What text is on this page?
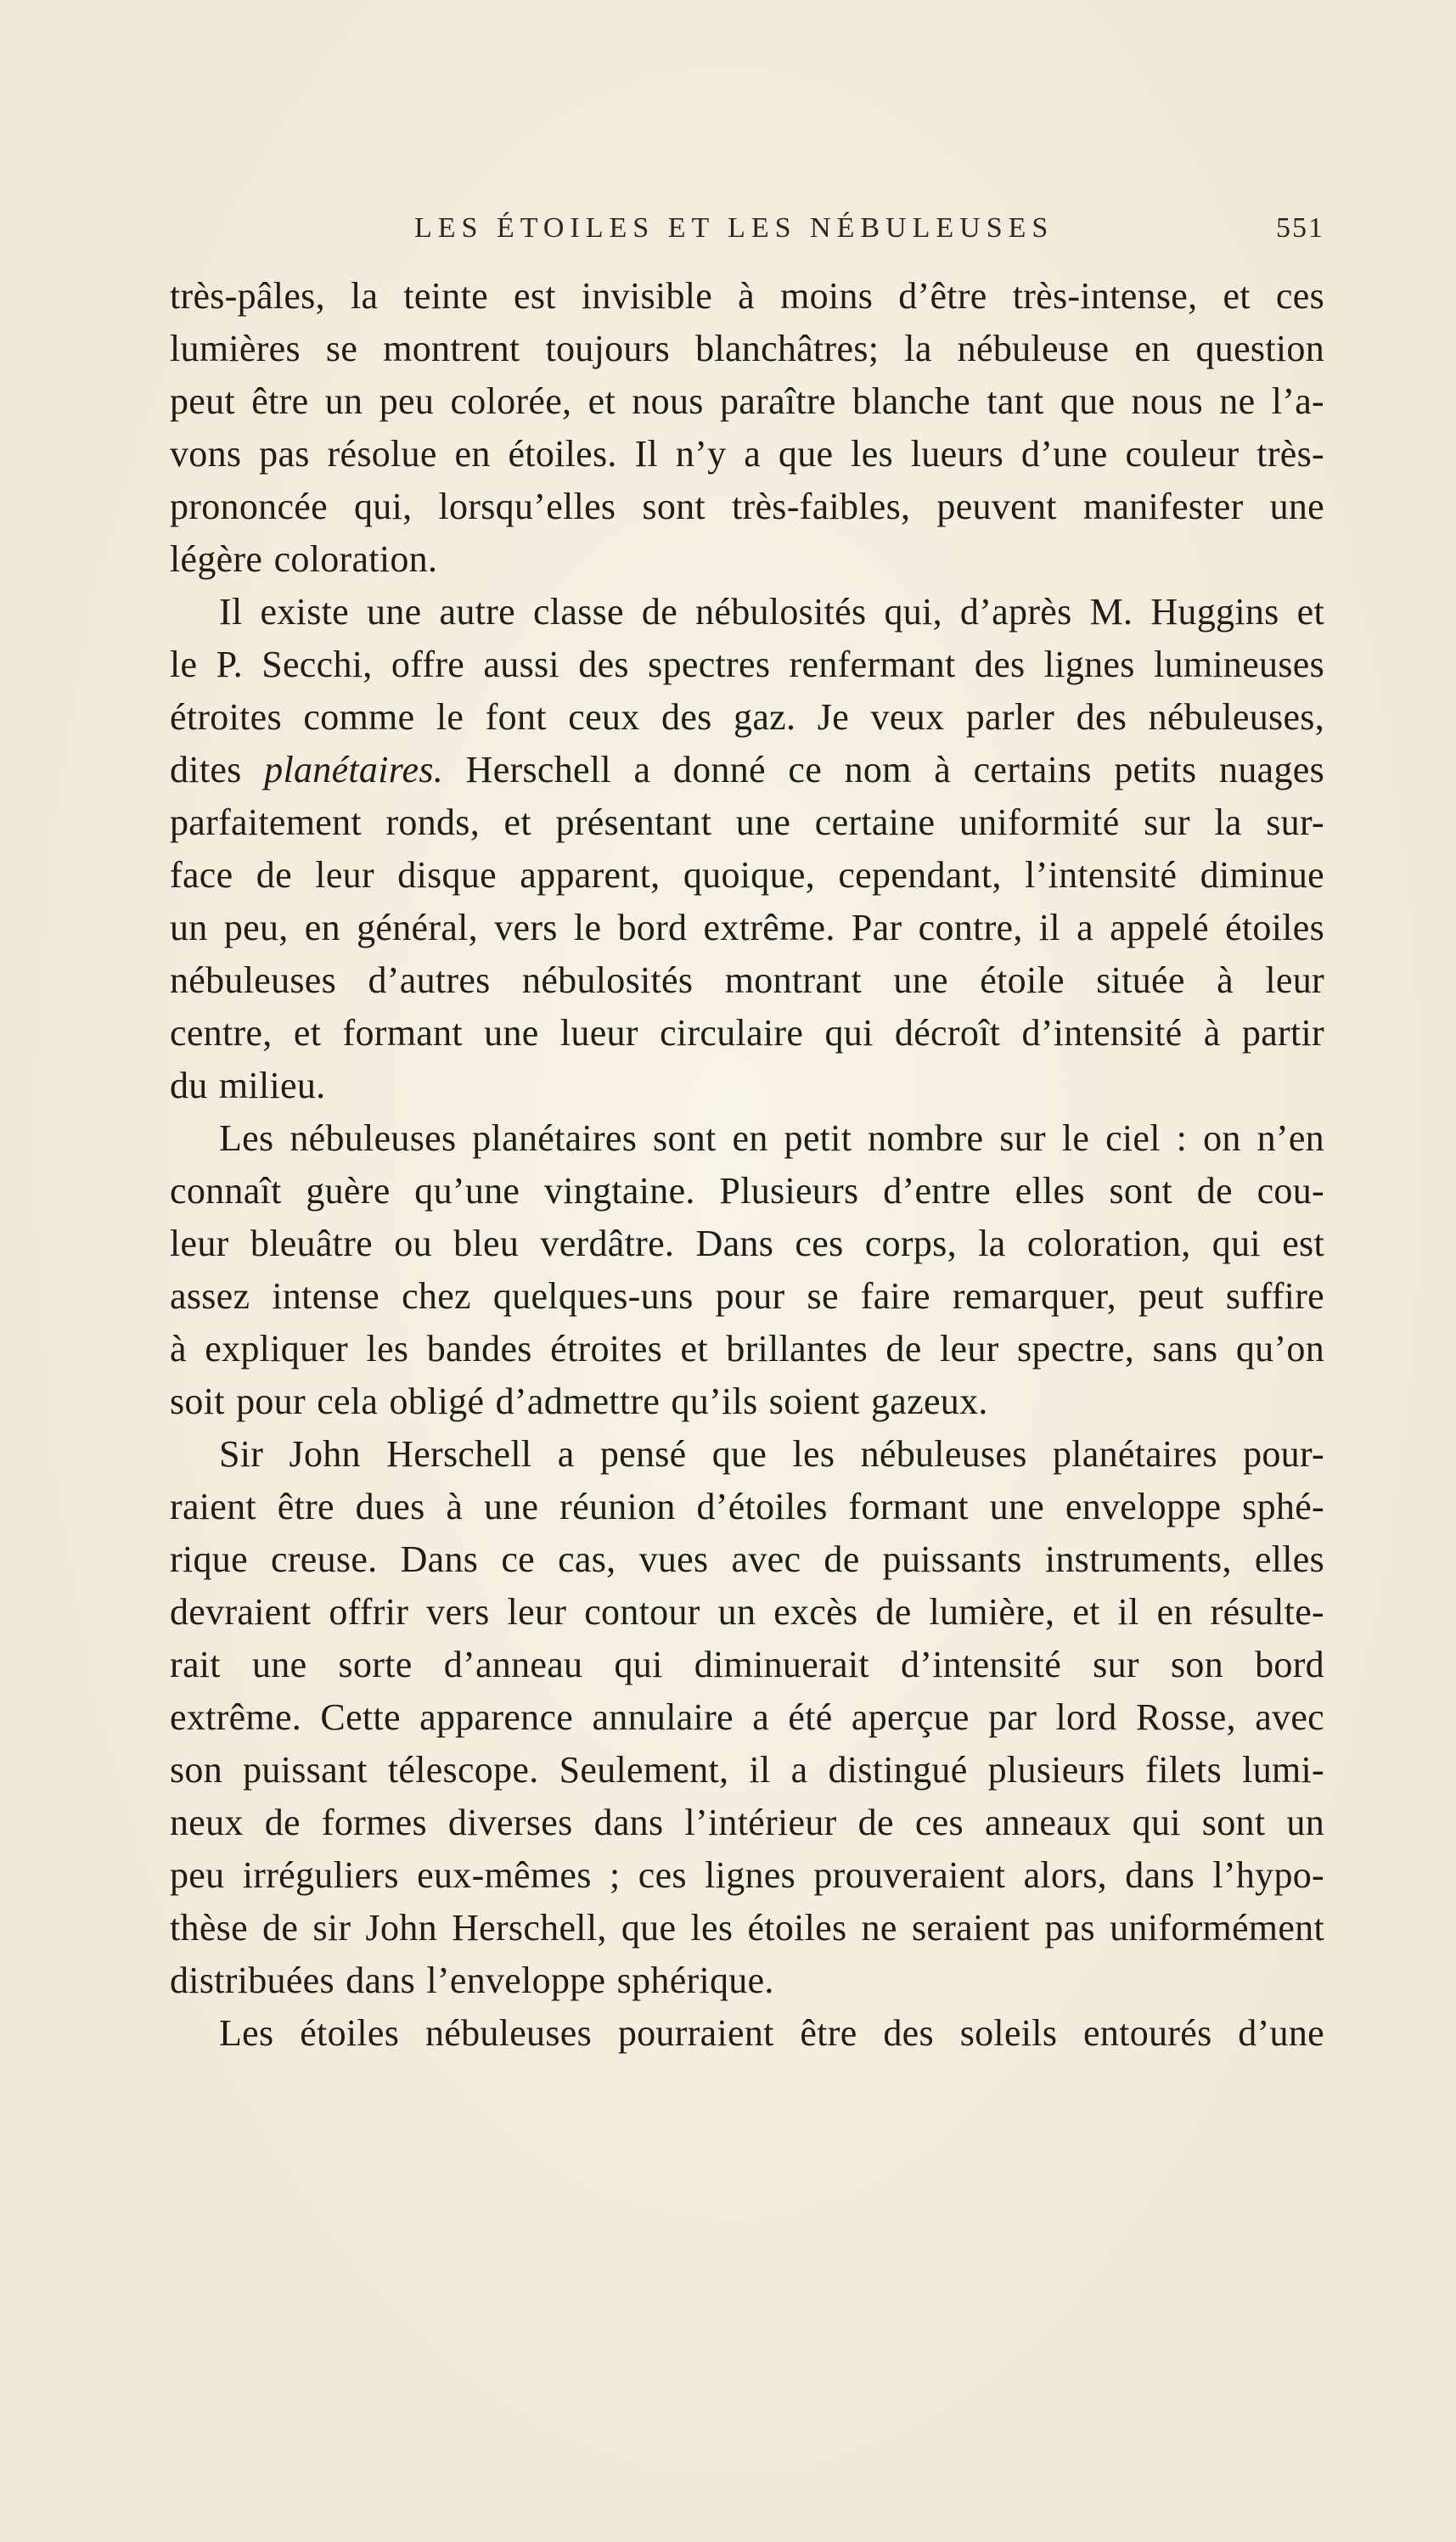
LES ÉTOILES ET LES NÉBULEUSES	551
très-pâles, la teinte est invisible à moins d’être très-intense, et ces
lumières se montrent toujours blanchâtres; la nébuleuse en question
peut être un peu colorée, et nous paraître blanche tant que nous ne l’a-
vons pas résolue en étoiles. Il n’y a que les lueurs d’une couleur très-
prononcée qui, lorsqu’elles sont très-faibles, peuvent manifester une
légère coloration.
Il existe une autre classe de nébulosités qui, d’après M. Huggins et
le P. Secchi, offre aussi des spectres renfermant des lignes lumineuses
étroites comme le font ceux des gaz. Je veux parler des nébuleuses,
dites planétaires. Herschell a donné ce nom à certains petits nuages
parfaitement ronds, et présentant une certaine uniformité sur la sur-
face de leur disque apparent, quoique, cependant, l’intensité diminue
un peu, en général, vers le bord extrême. Par contre, il a appelé étoiles
nébuleuses d’autres nébulosités montrant une étoile située à leur
centre, et formant une lueur circulaire qui décroît d’intensité à partir
du milieu.
Les nébuleuses planétaires sont en petit nombre sur le ciel : on n’en
connaît guère qu’une vingtaine. Plusieurs d’entre elles sont de cou-
leur bleuâtre ou bleu verdâtre. Dans ces corps, la coloration, qui est
assez intense chez quelques-uns pour se faire remarquer, peut suffire
à expliquer les bandes étroites et brillantes de leur spectre, sans qu’on
soit pour cela obligé d’admettre qu’ils soient gazeux.
Sir John Herschell a pensé que les nébuleuses planétaires pour-
raient être dues à une réunion d’étoiles formant une enveloppe sphé-
rique creuse. Dans ce cas, vues avec de puissants instruments, elles
devraient offrir vers leur contour un excès de lumière, et il en résulte-
rait une sorte d’anneau qui diminuerait d’intensité sur son bord
extrême. Cette apparence annulaire a été aperçue par lord Rosse, avec
son puissant télescope. Seulement, il a distingué plusieurs filets lumi-
neux de formes diverses dans l’intérieur de ces anneaux qui sont un
peu irréguliers eux-mêmes ; ces lignes prouveraient alors, dans l’hypo-
thèse de sir John Herschell, que les étoiles ne seraient pas uniformément
distribuées dans l’enveloppe sphérique.
Les étoiles nébuleuses pourraient être des soleils entourés d’une
